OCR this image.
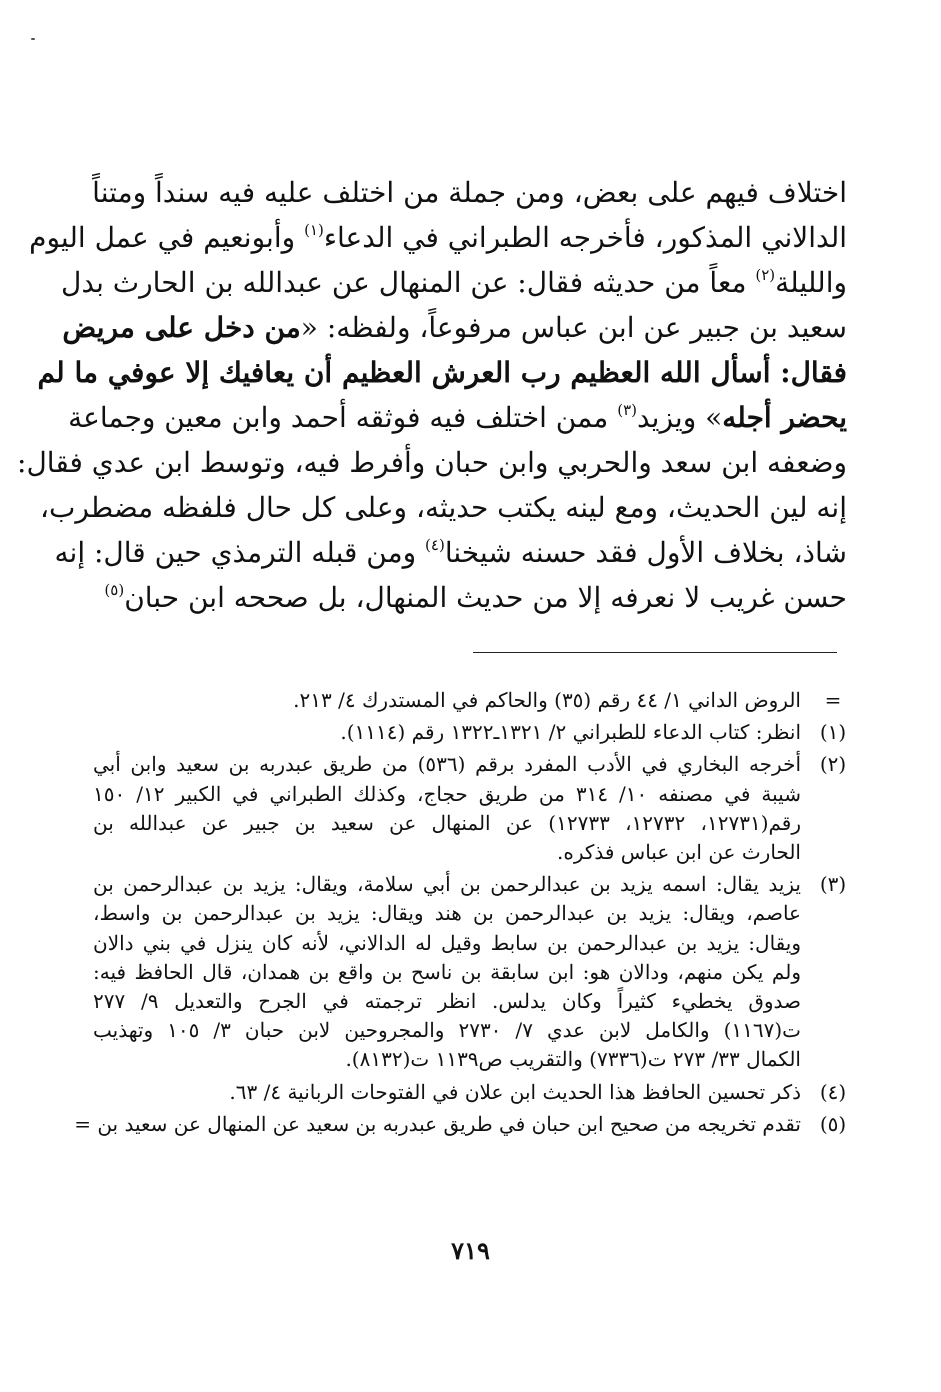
اختلاف فيهم على بعض، ومن جملة من اختلف عليه فيه سنداً ومتناً
الدالاني المذكور، فأخرجه الطبراني في الدعاء$^{(١)}$ وأبونعيم في عمل اليوم
والليلة$^{(٢)}$ معاً من حديثه فقال: عن المنهال عن عبدالله بن الحارث بدل
سعيد بن جبير عن ابن عباس مرفوعاً، ولفظه: «من دخل على مريض
فقال: أسأل الله العظيم رب العرش العظيم أن يعافيك إلا عوفي ما لم
يحضر أجله» ويزيد$^{(٣)}$ ممن اختلف فيه فوثقه أحمد وابن معين وجماعة
وضعفه ابن سعد والحربي وابن حبان وأفرط فيه، وتوسط ابن عدي فقال:
إنه لين الحديث، ومع لينه يكتب حديثه، وعلى كل حال فلفظه مضطرب،
شاذ، بخلاف الأول فقد حسنه شيخنا$^{(٤)}$ ومن قبله الترمذي حين قال: إنه
حسن غريب لا نعرفه إلا من حديث المنهال، بل صححه ابن حبان$^{(٥)}$
=
الروض الداني ١/ ٤٤ رقم (٣٥) والحاكم في المستدرك ٤/ ٢١٣.
(١)
انظر: كتاب الدعاء للطبراني ٢/ ١٣٢١ـ١٣٢٢ رقم (١١١٤).
(٢)
أخرجه البخاري في الأدب المفرد برقم (٥٣٦) من طريق عبدربه بن سعيد وابن أبي
شيبة في مصنفه ١٠/ ٣١٤ من طريق حجاج، وكذلك الطبراني في الكبير ١٢/ ١٥٠
رقم(١٢٧٣١، ١٢٧٣٢، ١٢٧٣٣) عن المنهال عن سعيد بن جبير عن عبدالله بن
الحارث عن ابن عباس فذكره.
(٣)
يزيد يقال: اسمه يزيد بن عبدالرحمن بن أبي سلامة، ويقال: يزيد بن عبدالرحمن بن
عاصم، ويقال: يزيد بن عبدالرحمن بن هند ويقال: يزيد بن عبدالرحمن بن واسط،
ويقال: يزيد بن عبدالرحمن بن سابط وقيل له الدالاني، لأنه كان ينزل في بني دالان
ولم يكن منهم، ودالان هو: ابن سابقة بن ناسح بن واقع بن همدان، قال الحافظ فيه:
صدوق يخطيء كثيراً وكان يدلس. انظر ترجمته في الجرح والتعديل ٩/ ٢٧٧
ت(١١٦٧) والكامل لابن عدي ٧/ ٢٧٣٠ والمجروحين لابن حبان ٣/ ١٠٥ وتهذيب
الكمال ٣٣/ ٢٧٣ ت(٧٣٣٦) والتقريب ص١١٣٩ ت(٨١٣٢).
(٤)
ذكر تحسين الحافظ هذا الحديث ابن علان في الفتوحات الربانية ٤/ ٦٣.
(٥)
تقدم تخريجه من صحيح ابن حبان في طريق عبدربه بن سعيد عن المنهال عن سعيد بن =
٧١٩
